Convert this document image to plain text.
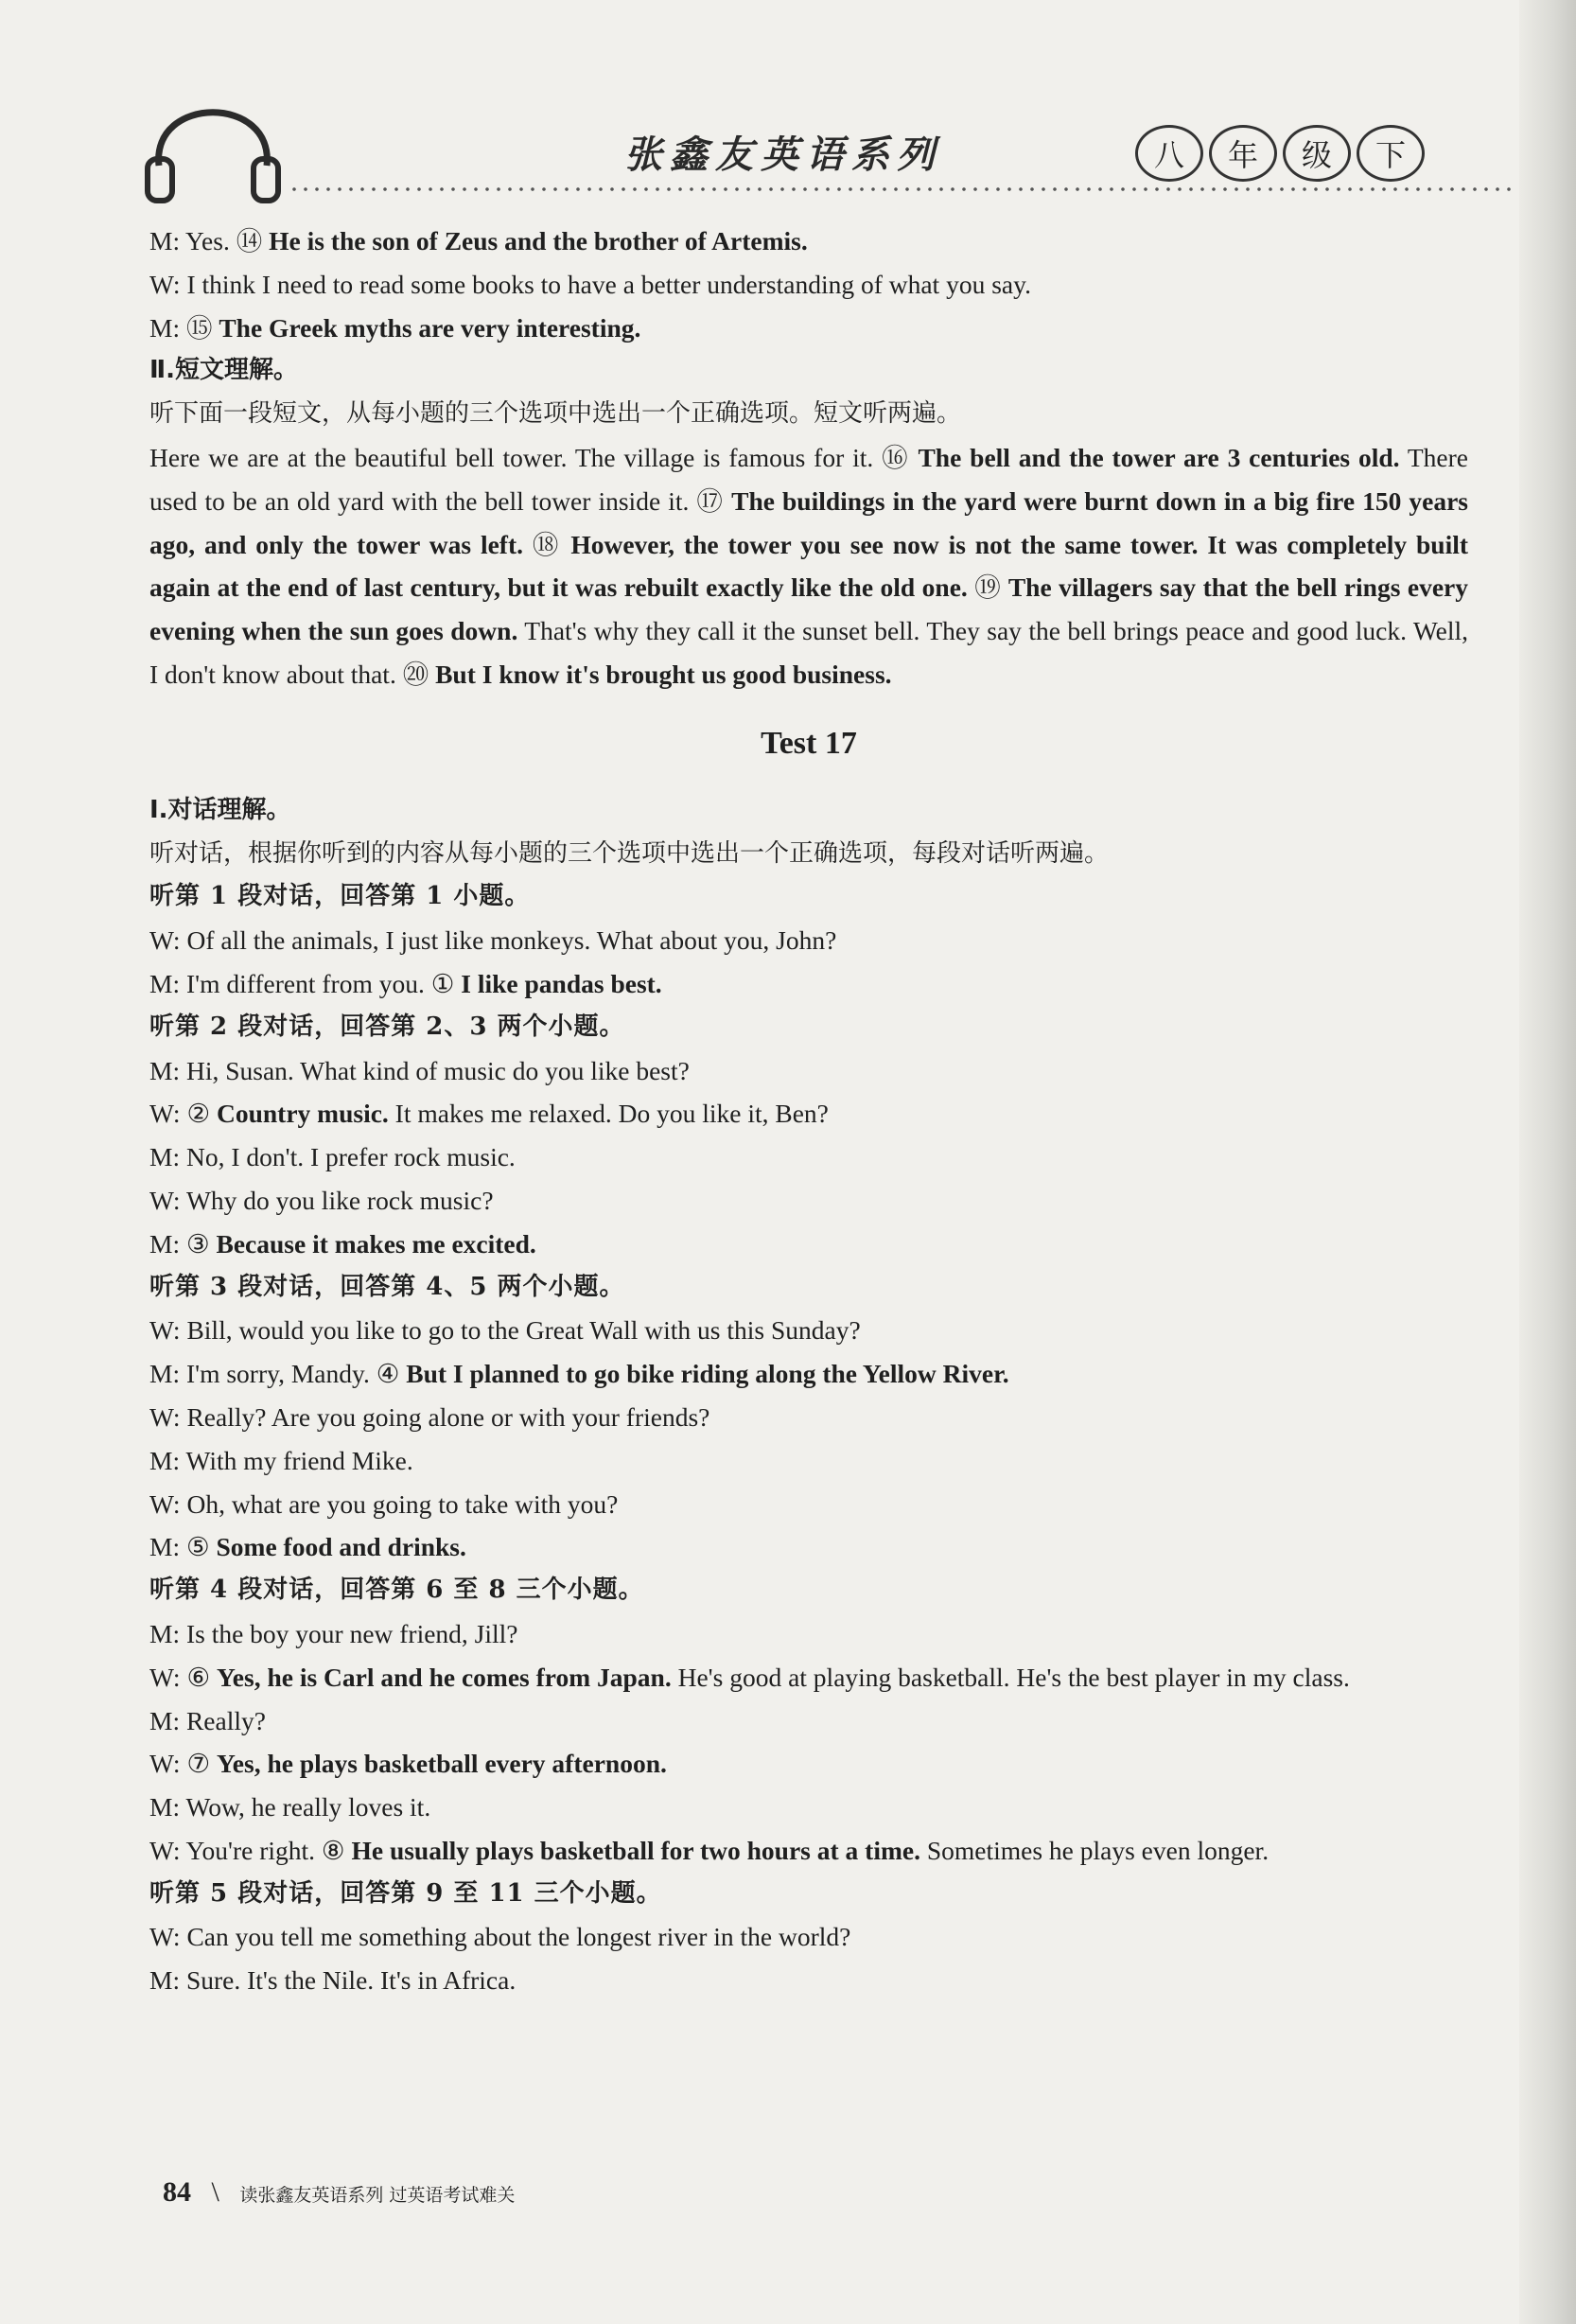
张鑫友英语系列	八	年	级	下
M: Yes. ⑭ He is the son of Zeus and the brother of Artemis.
W: I think I need to read some books to have a better understanding of what you say.
M: ⑮ The Greek myths are very interesting.
Ⅱ.短文理解。
听下面一段短文，从每小题的三个选项中选出一个正确选项。短文听两遍。
Here we are at the beautiful bell tower. The village is famous for it. ⑯ The bell and the tower are 3 centuries old. There used to be an old yard with the bell tower inside it. ⑰ The buildings in the yard were burnt down in a big fire 150 years ago, and only the tower was left. ⑱ However, the tower you see now is not the same tower. It was completely built again at the end of last century, but it was rebuilt exactly like the old one. ⑲ The villagers say that the bell rings every evening when the sun goes down. That's why they call it the sunset bell. They say the bell brings peace and good luck. Well, I don't know about that. ⑳ But I know it's brought us good business.
Test 17
Ⅰ.对话理解。
听对话，根据你听到的内容从每小题的三个选项中选出一个正确选项，每段对话听两遍。
听第 1 段对话，回答第 1 小题。
W: Of all the animals, I just like monkeys. What about you, John?
M: I'm different from you. ① I like pandas best.
听第 2 段对话，回答第 2、3 两个小题。
M: Hi, Susan. What kind of music do you like best?
W: ② Country music. It makes me relaxed. Do you like it, Ben?
M: No, I don't. I prefer rock music.
W: Why do you like rock music?
M: ③ Because it makes me excited.
听第 3 段对话，回答第 4、5 两个小题。
W: Bill, would you like to go to the Great Wall with us this Sunday?
M: I'm sorry, Mandy. ④ But I planned to go bike riding along the Yellow River.
W: Really? Are you going alone or with your friends?
M: With my friend Mike.
W: Oh, what are you going to take with you?
M: ⑤ Some food and drinks.
听第 4 段对话，回答第 6 至 8 三个小题。
M: Is the boy your new friend, Jill?
W: ⑥ Yes, he is Carl and he comes from Japan. He's good at playing basketball. He's the best player in my class.
M: Really?
W: ⑦ Yes, he plays basketball every afternoon.
M: Wow, he really loves it.
W: You're right. ⑧ He usually plays basketball for two hours at a time. Sometimes he plays even longer.
听第 5 段对话，回答第 9 至 11 三个小题。
W: Can you tell me something about the longest river in the world?
M: Sure. It's the Nile. It's in Africa.
84 \ 读张鑫友英语系列 过英语考试难关
